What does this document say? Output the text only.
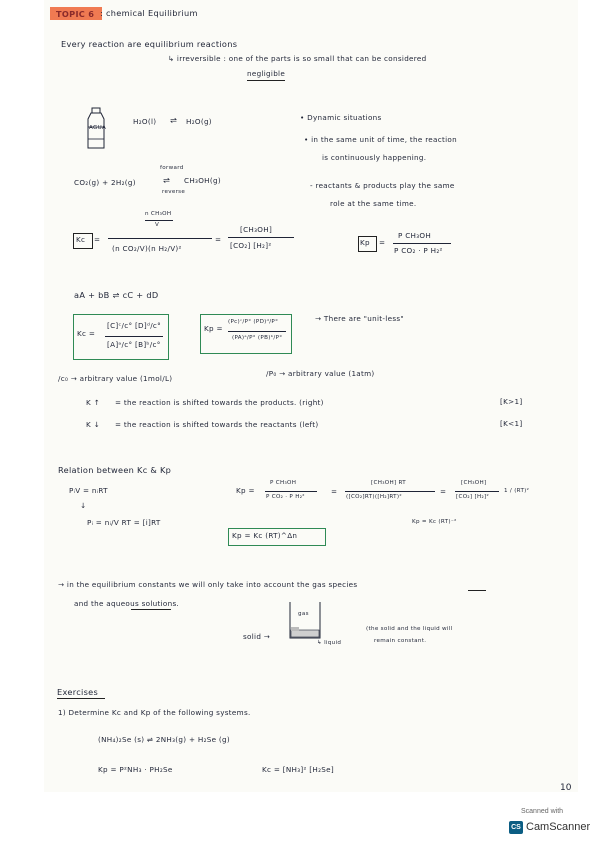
TOPIC 6 : chemical Equilibrium
Every reaction are equilibrium reactions
↳ irreversible : one of the parts is so small that can be considered
negligible
AGUA
H₂O(l) ⇌ H₂O(g)	• Dynamic situations
• in the same unit of time, the reaction
is continuously happening.
- reactants & products play the same
role at the same time.
forward
CO₂(g) + 2H₂(g)	⇌ CH₃OH(g)
reverse
Kc =
n CH₃OH
V
(n CO₂/V)(n H₂/V)²
=
[CH₃OH]
[CO₂] [H₂]²	Kp =
P CH₃OH
P CO₂ · P H₂²
aA + bB ⇌ cC + dD
Kc =
[C]ᶜ/c° [D]ᵈ/c°
[A]ᵃ/c° [B]ᵇ/c°
Kp =
(Pc)ᶜ/P° (PD)ᵈ/P°
(PA)ᵃ/P° (PB)ᵇ/P°
→ There are "unit-less"
/c₀ → arbitrary value (1mol/L)
/P₀ → arbitrary value (1atm)
K ↑ = the reaction is shifted towards the products. (right)	[K>1]
K ↓ = the reaction is shifted towards the reactants (left)	[K<1]
Relation between Kc & Kp
PᵢV = nᵢRT
↓
Pᵢ = nᵢ/V RT = [i]RT
Kp =
P CH₃OH
P CO₂ · P H₂²
=
[CH₃OH] RT
([CO₂]RT)([H₂]RT)²
=
[CH₃OH]
[CO₂] [H₂]²
1 / (RT)²
Kp = Kc (RT)^Δn
Kp = Kc (RT)⁻²
→ in the equilibrium constants we will only take into account the gas species
and the aqueous solutions.
gas
solid →
↳ liquid
(the solid and the liquid will
remain constant.
Exercises
1) Determine Kc and Kp of the following systems.
(NH₄)₂Se (s) ⇌ 2NH₃(g) + H₂Se (g)
Kp = P²NH₃ · PH₂Se	Kc = [NH₃]² [H₂Se]
10
Scanned with
CS CamScanner
